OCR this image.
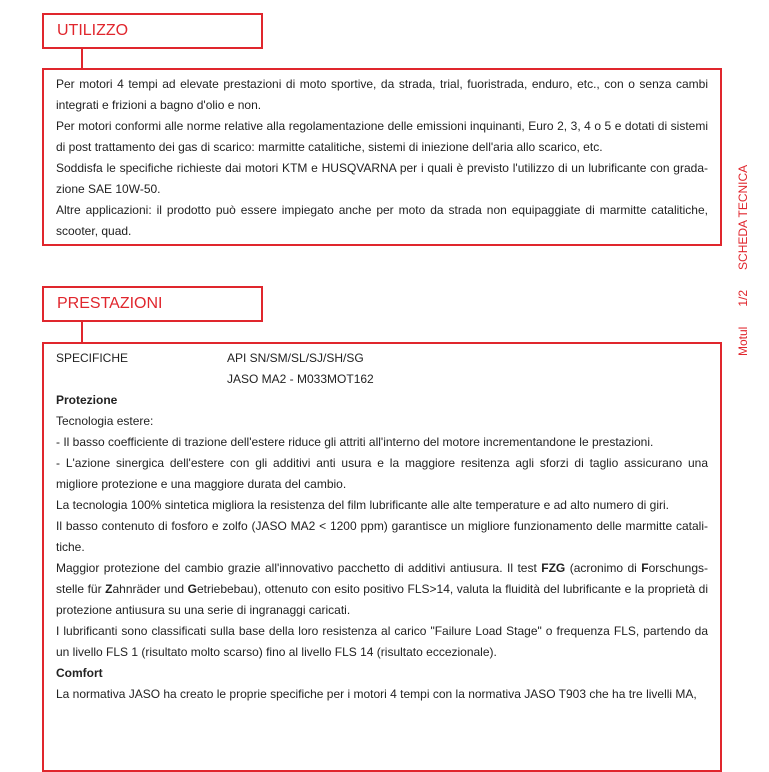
UTILIZZO

Per motori 4 tempi ad elevate prestazioni di moto sportive, da strada, trial, fuoristrada, enduro, etc., con o senza cambi integrati e frizioni a bagno d'olio e non.

Per motori conformi alle norme relative alla regolamentazione delle emissioni inquinanti, Euro 2, 3, 4 o 5 e dotati di sistemi di post trattamento dei gas di scarico: marmitte catalitiche, sistemi di iniezione dell'aria allo scarico, etc.

Soddisfa le specifiche richieste dai motori KTM e HUSQVARNA per i quali è previsto l'utilizzo di un lubrificante con grada-zione SAE 10W-50.

Altre applicazioni: il prodotto può essere impiegato anche per moto da strada non equipaggiate di marmitte catalitiche, scooter, quad.

PRESTAZIONI
SPECIFICHE	API SN/SM/SL/SJ/SH/SG
JASO MA2 - M033MOT162

Protezione

Tecnologia estere:

- Il basso coefficiente di trazione dell'estere riduce gli attriti all'interno del motore incrementandone le prestazioni.

- L'azione sinergica dell'estere con gli additivi anti usura e la maggiore resitenza agli sforzi di taglio assicurano una migliore protezione e una maggiore durata del cambio.

La tecnologia 100% sintetica migliora la resistenza del film lubrificante alle alte temperature e ad alto numero di giri.

Il basso contenuto di fosforo e zolfo (JASO MA2 < 1200 ppm) garantisce un migliore funzionamento delle marmitte catali-tiche.

Maggior protezione del cambio grazie all'innovativo pacchetto di additivi antiusura. Il test FZG (acronimo di Forschungs-stelle für Zahnräder und Getriebebau), ottenuto con esito positivo FLS>14, valuta la fluidità del lubrificante e la proprietà di protezione antiusura su una serie di ingranaggi caricati.

I lubrificanti sono classificati sulla base della loro resistenza al carico "Failure Load Stage" o frequenza FLS, partendo da un livello FLS 1 (risultato molto scarso) fino al livello FLS 14 (risultato eccezionale).

Comfort

La normativa JASO ha creato le proprie specifiche per i motori 4 tempi con la normativa JASO T903 che ha tre livelli MA,

Motul1/2SCHEDA TECNICA
